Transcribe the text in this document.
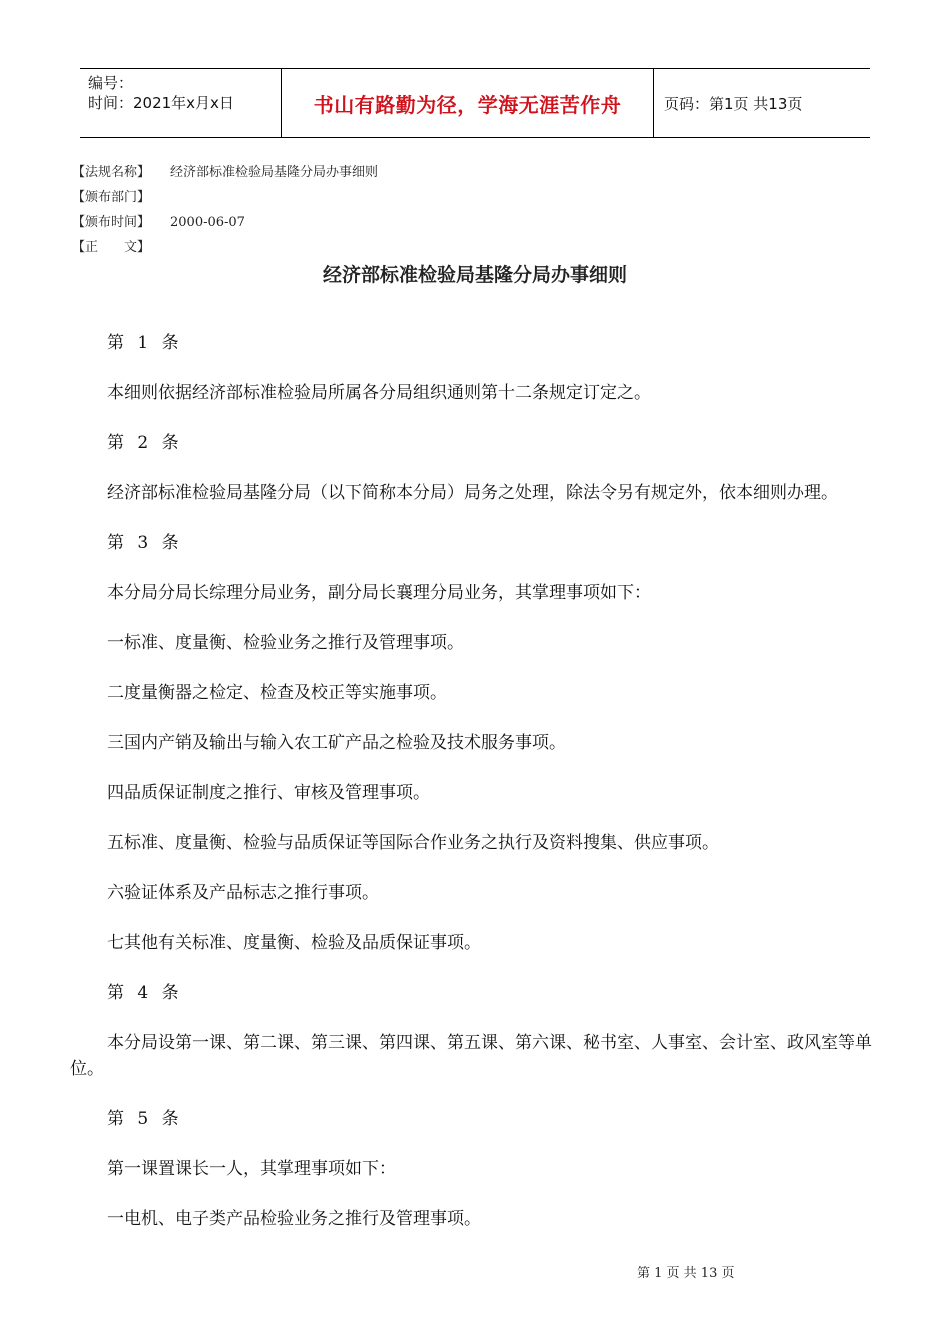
编号：
时间：2021年x月x日	书山有路勤为径，学海无涯苦作舟	页码：第1页 共13页
【法规名称】	经济部标准检验局基隆分局办事细则
【颁布部门】
【颁布时间】	2000-06-07
【正　　文】
经济部标准检验局基隆分局办事细则

第 1 条

本细则依据经济部标准检验局所属各分局组织通则第十二条规定订定之。

第 2 条

经济部标准检验局基隆分局（以下简称本分局）局务之处理，除法令另有规定外，依本细则办理。

第 3 条

本分局分局长综理分局业务，副分局长襄理分局业务，其掌理事项如下：

一标准、度量衡、检验业务之推行及管理事项。

二度量衡器之检定、检查及校正等实施事项。

三国内产销及输出与输入农工矿产品之检验及技术服务事项。

四品质保证制度之推行、审核及管理事项。

五标准、度量衡、检验与品质保证等国际合作业务之执行及资料搜集、供应事项。

六验证体系及产品标志之推行事项。

七其他有关标准、度量衡、检验及品质保证事项。

第 4 条

本分局设第一课、第二课、第三课、第四课、第五课、第六课、秘书室、人事室、会计室、政风室等单位。

第 5 条

第一课置课长一人，其掌理事项如下：

一电机、电子类产品检验业务之推行及管理事项。

第 1 页 共 13 页
